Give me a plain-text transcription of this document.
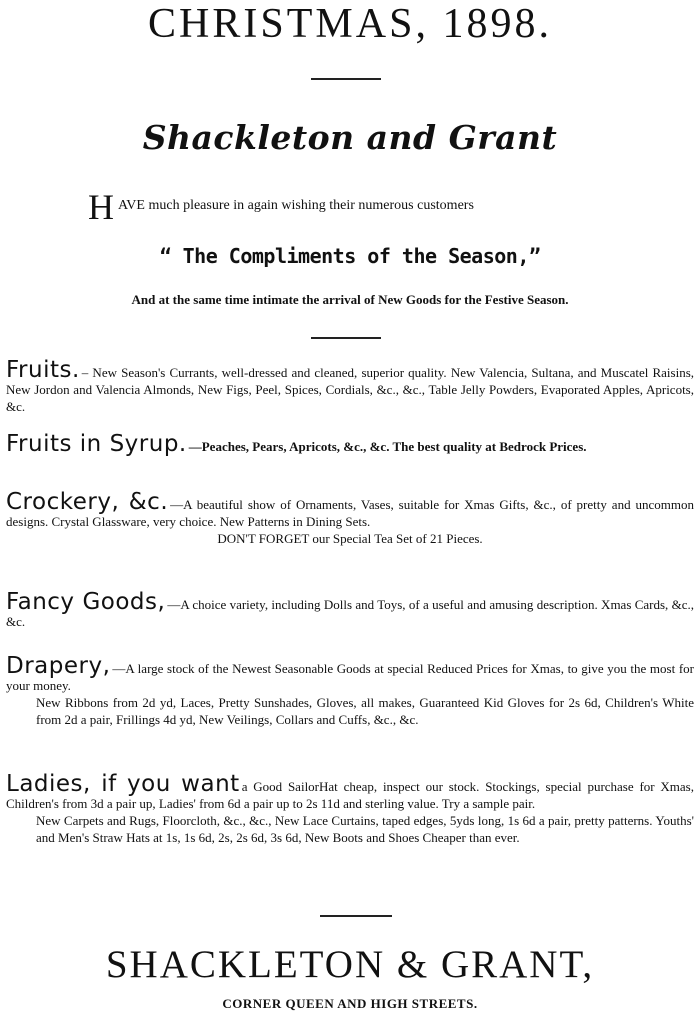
CHRISTMAS, 1898.
Shackleton and Grant
HAVE much pleasure in again wishing their numerous customers
“ The Compliments of the Season,”
And at the same time intimate the arrival of New Goods for the Festive Season.
Fruits. – New Season's Currants, well-dressed and cleaned, superior quality. New Valencia, Sultana, and Muscatel Raisins, New Jordon and Valencia Almonds, New Figs, Peel, Spices, Cordials, &c., &c., Table Jelly Powders, Evaporated Apples, Apricots, &c.
Fruits in Syrup. —Peaches, Pears, Apricots, &c., &c. The best quality at Bedrock Prices.
Crockery, &c. —A beautiful show of Ornaments, Vases, suitable for Xmas Gifts, &c., of pretty and uncommon designs. Crystal Glassware, very choice. New Patterns in Dining Sets.
DON'T FORGET our Special Tea Set of 21 Pieces.
Fancy Goods, —A choice variety, including Dolls and Toys, of a useful and amusing description. Xmas Cards, &c., &c.
Drapery, —A large stock of the Newest Seasonable Goods at special Reduced Prices for Xmas, to give you the most for your money.
New Ribbons from 2d yd, Laces, Pretty Sunshades, Gloves, all makes, Guaranteed Kid Gloves for 2s 6d, Children's White from 2d a pair, Frillings 4d yd, New Veilings, Collars and Cuffs, &c., &c.
Ladies, if you want a Good SailorHat cheap, inspect our stock. Stockings, special purchase for Xmas, Children's from 3d a pair up, Ladies' from 6d a pair up to 2s 11d and sterling value. Try a sample pair.
New Carpets and Rugs, Floorcloth, &c., &c., New Lace Curtains, taped edges, 5yds long, 1s 6d a pair, pretty patterns. Youths' and Men's Straw Hats at 1s, 1s 6d, 2s, 2s 6d, 3s 6d, New Boots and Shoes Cheaper than ever.
SHACKLETON & GRANT,
CORNER QUEEN AND HIGH STREETS.
